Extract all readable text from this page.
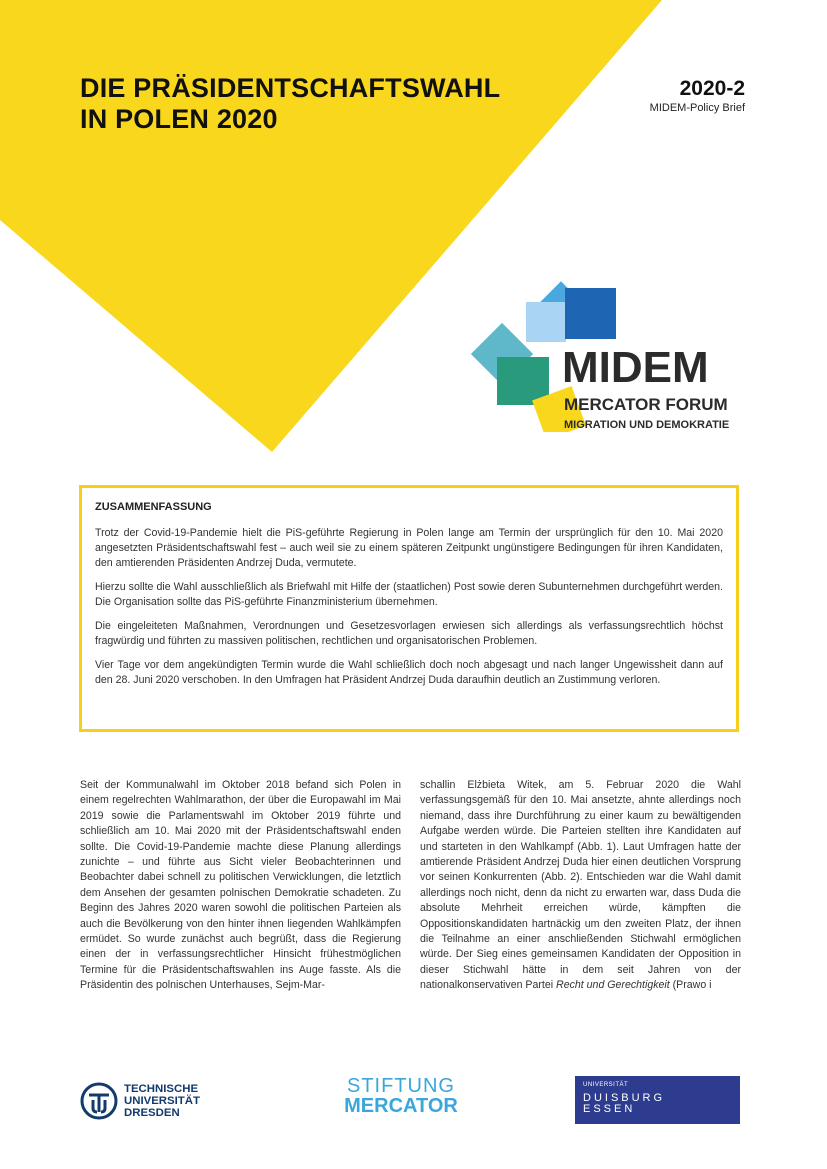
DIE PRÄSIDENTSCHAFTSWAHL
IN POLEN 2020
2020-2
MIDEM-Policy Brief
MIDEM
MERCATOR FORUM
MIGRATION UND DEMOKRATIE
ZUSAMMENFASSUNG

Trotz der Covid-19-Pandemie hielt die PiS-geführte Regierung in Polen lange am Termin der ursprünglich für den 10. Mai 2020 angesetzten Präsidentschaftswahl fest – auch weil sie zu einem späteren Zeitpunkt ungünstigere Bedingungen für ihren Kandidaten, den amtierenden Präsidenten Andrzej Duda, vermutete.

Hierzu sollte die Wahl ausschließlich als Briefwahl mit Hilfe der (staatlichen) Post sowie deren Subunternehmen durchgeführt werden. Die Organisation sollte das PiS-geführte Finanzministerium übernehmen.

Die eingeleiteten Maßnahmen, Verordnungen und Gesetzesvorlagen erwiesen sich allerdings als verfassungsrechtlich höchst fragwürdig und führten zu massiven politischen, rechtlichen und organisatorischen Problemen.

Vier Tage vor dem angekündigten Termin wurde die Wahl schließlich doch noch abgesagt und nach langer Ungewissheit dann auf den 28. Juni 2020 verschoben. In den Umfragen hat Präsident Andrzej Duda daraufhin deutlich an Zustimmung verloren.

Seit der Kommunalwahl im Oktober 2018 befand sich Polen in einem regelrechten Wahlmarathon, der über die Europawahl im Mai 2019 sowie die Parlamentswahl im Oktober 2019 führte und schließlich am 10. Mai 2020 mit der Präsidentschaftswahl enden sollte. Die Covid-19-Pandemie machte diese Planung allerdings zunichte – und führte aus Sicht vieler Beobachterinnen und Beobachter dabei schnell zu politischen Verwicklungen, die letztlich dem Ansehen der gesamten polnischen Demokratie schadeten. Zu Beginn des Jahres 2020 waren sowohl die politischen Parteien als auch die Bevölkerung von den hinter ihnen liegenden Wahlkämpfen ermüdet. So wurde zunächst auch begrüßt, dass die Regierung einen der in verfassungsrechtlicher Hinsicht frühestmöglichen Termine für die Präsidentschaftswahlen ins Auge fasste. Als die Präsidentin des polnischen Unterhauses, Sejm-Mar-
schallin Elżbieta Witek, am 5. Februar 2020 die Wahl verfassungsgemäß für den 10. Mai ansetzte, ahnte allerdings noch niemand, dass ihre Durchführung zu einer kaum zu bewältigenden Aufgabe werden würde. Die Parteien stellten ihre Kandidaten auf und starteten in den Wahlkampf (Abb. 1). Laut Umfragen hatte der amtierende Präsident Andrzej Duda hier einen deutlichen Vorsprung vor seinen Konkurrenten (Abb. 2). Entschieden war die Wahl damit allerdings noch nicht, denn da nicht zu erwarten war, dass Duda die absolute Mehrheit erreichen würde, kämpften die Oppositionskandidaten hartnäckig um den zweiten Platz, der ihnen die Teilnahme an einer anschließenden Stichwahl ermöglichen würde. Der Sieg eines gemeinsamen Kandidaten der Opposition in dieser Stichwahl hätte in dem seit Jahren von der nationalkonservativen Partei Recht und Gerechtigkeit (Prawo i
TECHNISCHE
UNIVERSITÄT
DRESDEN
STIFTUNG
MERCATOR
UNIVERSITÄT
DUISBURG
ESSEN
